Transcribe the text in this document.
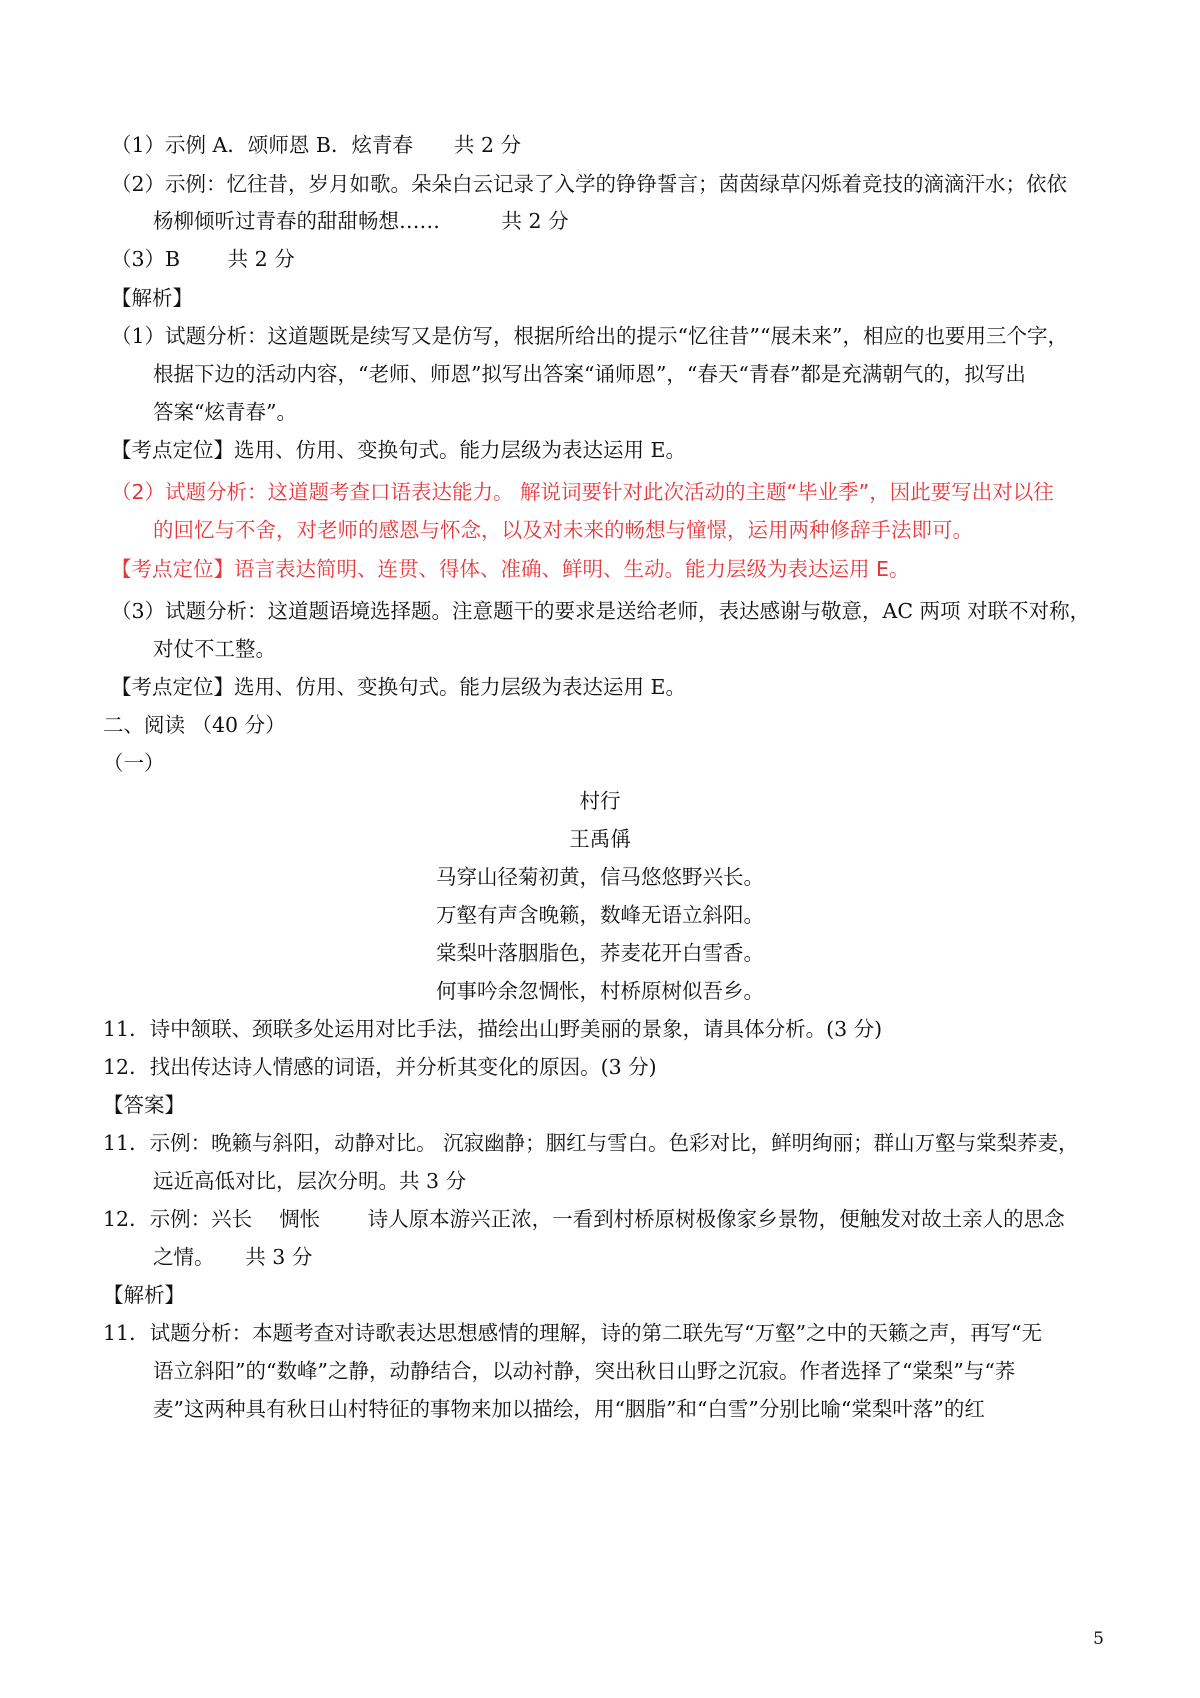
（1）示例 A．颂师恩 B．炫青春　　共 2 分
（2）示例：忆往昔，岁月如歌。朵朵白云记录了入学的铮铮誓言；茵茵绿草闪烁着竞技的滴滴汗水；依依
杨柳倾听过青春的甜甜畅想……　　　共 2 分
（3）B　　 共 2 分
【解析】
（1）试题分析：这道题既是续写又是仿写，根据所给出的提示“忆往昔”“展未来”，相应的也要用三个字，
根据下边的活动内容，“老师、师恩”拟写出答案“诵师恩”，“春天“青春”都是充满朝气的，拟写出
答案“炫青春”。
【考点定位】选用、仿用、变换句式。能力层级为表达运用 E。
（2）试题分析：这道题考查口语表达能力。 解说词要针对此次活动的主题“毕业季”，因此要写出对以往
的回忆与不舍，对老师的感恩与怀念，以及对未来的畅想与憧憬，运用两种修辞手法即可。
【考点定位】语言表达简明、连贯、得体、准确、鲜明、生动。能力层级为表达运用 E。
（3）试题分析：这道题语境选择题。注意题干的要求是送给老师，表达感谢与敬意，AC 两项 对联不对称，
对仗不工整。
【考点定位】选用、仿用、变换句式。能力层级为表达运用 E。
二、阅读 （40 分）
（一）
村行
王禹偁
马穿山径菊初黄，信马悠悠野兴长。
万壑有声含晚籁，数峰无语立斜阳。
棠梨叶落胭脂色，荞麦花开白雪香。
何事吟余忽惆怅，村桥原树似吾乡。
11．诗中颔联、颈联多处运用对比手法，描绘出山野美丽的景象，请具体分析。(3 分)
12．找出传达诗人情感的词语，并分析其变化的原因。(3 分)
【答案】
11．示例：晚籁与斜阳，动静对比。 沉寂幽静；胭红与雪白。色彩对比，鲜明绚丽；群山万壑与棠梨荞麦，
远近高低对比，层次分明。共 3 分
12．示例：兴长　 惆怅　　 诗人原本游兴正浓，一看到村桥原树极像家乡景物，便触发对故土亲人的思念
之情。　　共 3 分
【解析】
11．试题分析：本题考查对诗歌表达思想感情的理解，诗的第二联先写“万壑”之中的天籁之声，再写“无
语立斜阳”的“数峰”之静，动静结合，以动衬静，突出秋日山野之沉寂。作者选择了“棠梨”与“荞
麦”这两种具有秋日山村特征的事物来加以描绘，用“胭脂”和“白雪”分别比喻“棠梨叶落”的红
5
